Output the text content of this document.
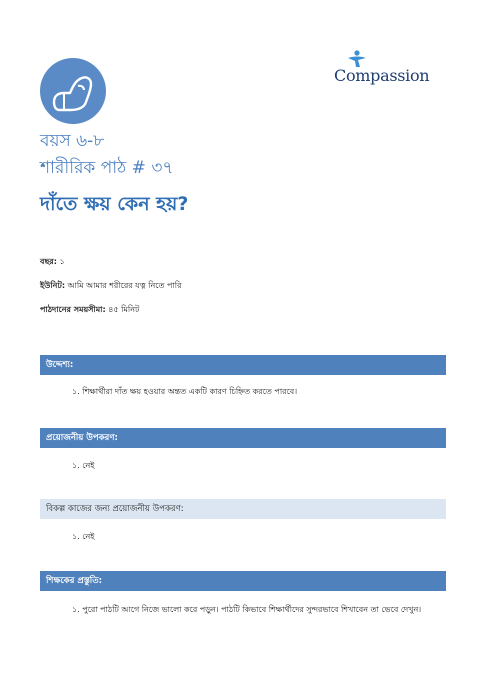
Compassion
বয়স ৬-৮
শারীরিক পাঠ # ৩৭
দাঁতে ক্ষয় কেন হয়?
বছর: ১
ইউনিট: আমি আমার শরীরের যত্ন নিতে পারি
পাঠদানের সময়সীমা: ৪৫ মিনিট
উদ্দেশ্য:
১. শিক্ষার্থীরা দাঁত ক্ষয় হওয়ার অন্তত একটি কারণ চিহ্নিত করতে পারবে।
প্রয়োজনীয় উপকরণ:
১. নেই
বিকল্প কাজের জন্য প্রয়োজনীয় উপকরণ:
১. নেই
শিক্ষকের প্রস্তুতি:
১. পুরো পাঠটি আগে নিজে ভালো করে পড়ুন। পাঠটি কিভাবে শিক্ষার্থীদের সুন্দরভাবে শিখাবেন তা ভেবে দেখুন।
